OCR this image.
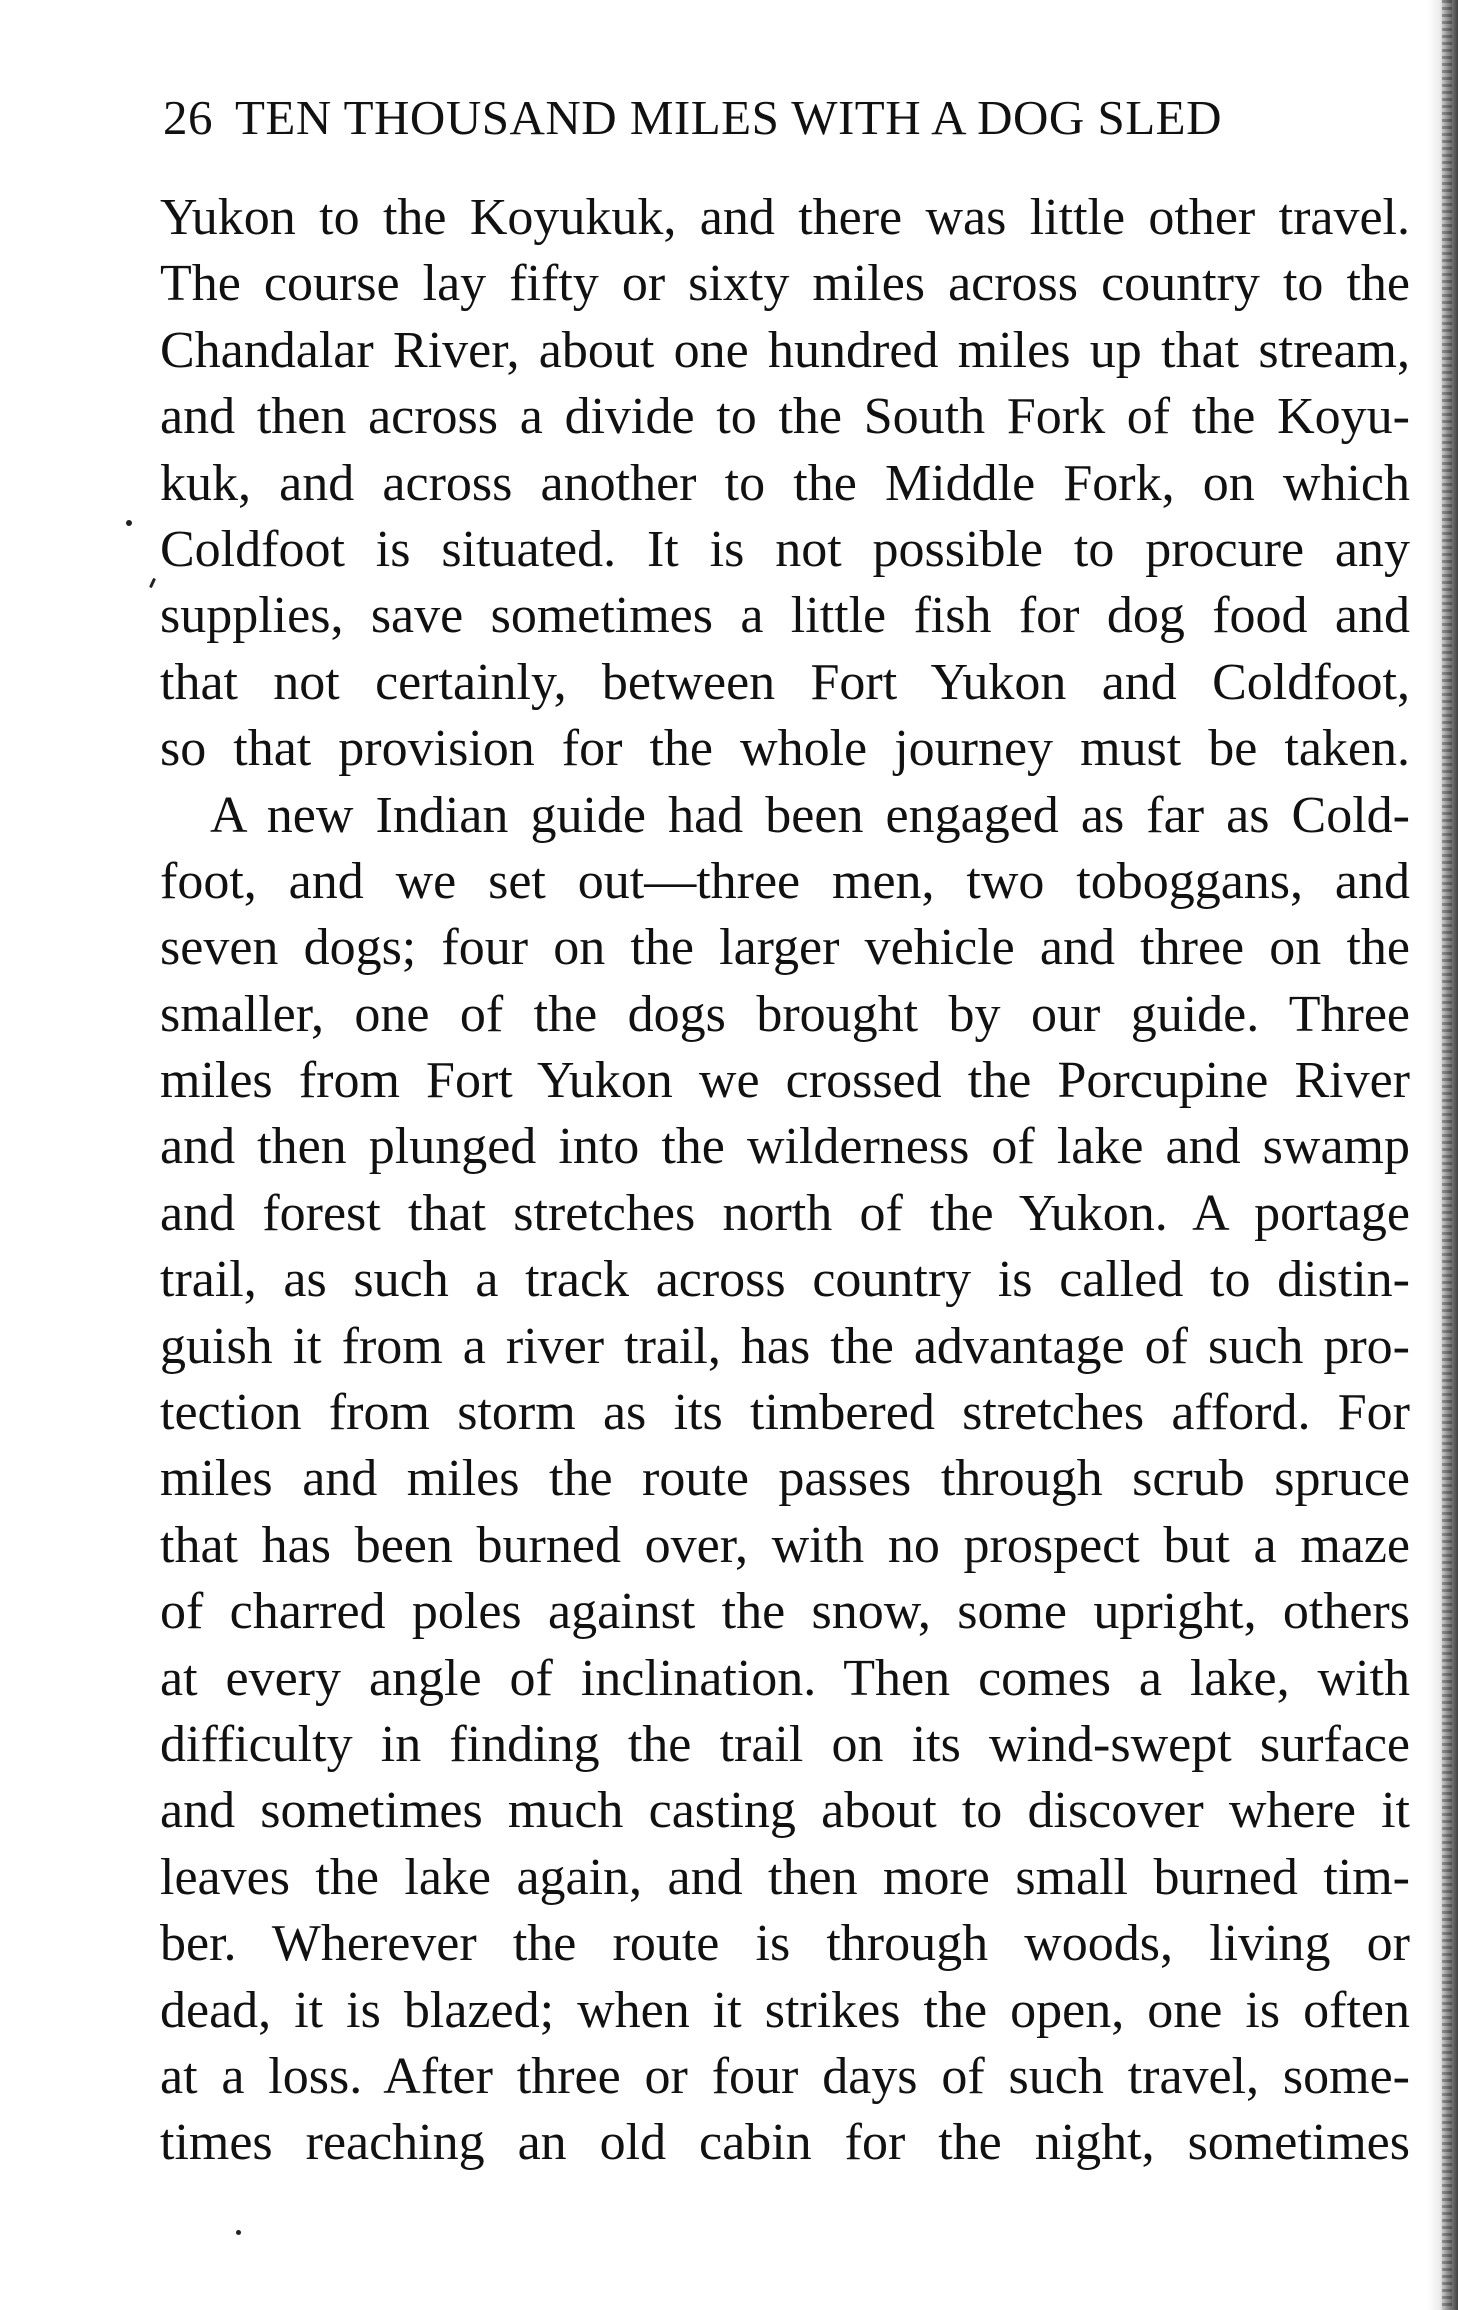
26 TEN THOUSAND MILES WITH A DOG SLED
Yukon to the Koyukuk, and there was little other travel.
The course lay fifty or sixty miles across country to the
Chandalar River, about one hundred miles up that stream,
and then across a divide to the South Fork of the Koyu-
kuk, and across another to the Middle Fork, on which
Coldfoot is situated. It is not possible to procure any
supplies, save sometimes a little fish for dog food and
that not certainly, between Fort Yukon and Coldfoot,
so that provision for the whole journey must be taken.
A new Indian guide had been engaged as far as Cold-
foot, and we set out—three men, two toboggans, and
seven dogs; four on the larger vehicle and three on the
smaller, one of the dogs brought by our guide. Three
miles from Fort Yukon we crossed the Porcupine River
and then plunged into the wilderness of lake and swamp
and forest that stretches north of the Yukon. A portage
trail, as such a track across country is called to distin-
guish it from a river trail, has the advantage of such pro-
tection from storm as its timbered stretches afford. For
miles and miles the route passes through scrub spruce
that has been burned over, with no prospect but a maze
of charred poles against the snow, some upright, others
at every angle of inclination. Then comes a lake, with
difficulty in finding the trail on its wind-swept surface
and sometimes much casting about to discover where it
leaves the lake again, and then more small burned tim-
ber. Wherever the route is through woods, living or
dead, it is blazed; when it strikes the open, one is often
at a loss. After three or four days of such travel, some-
times reaching an old cabin for the night, sometimes
